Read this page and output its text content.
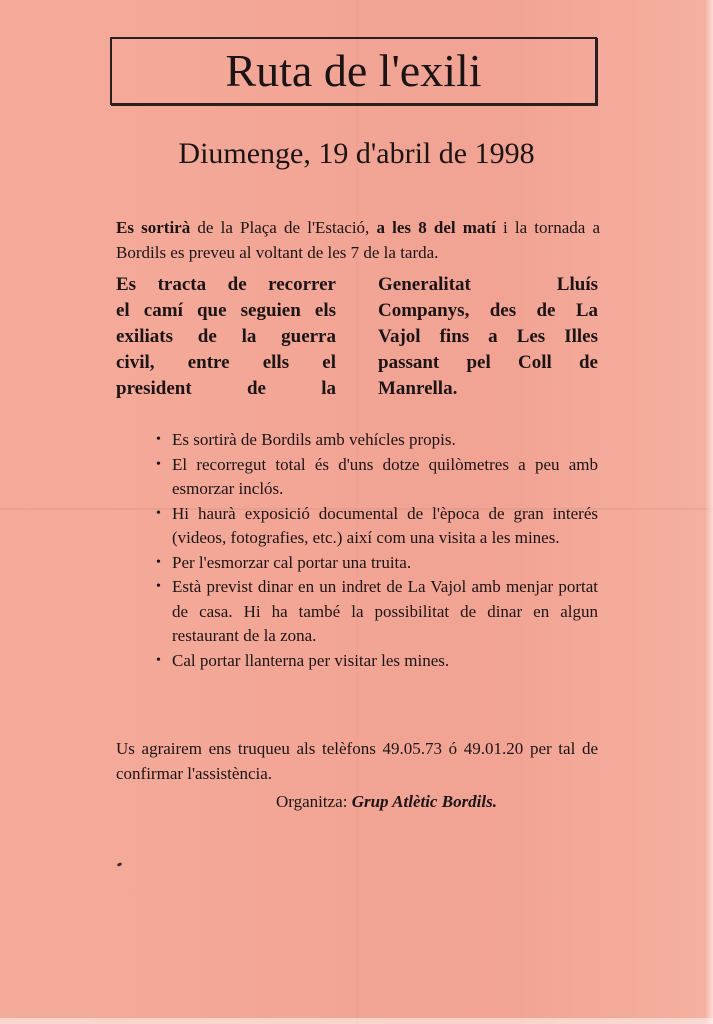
Ruta de l'exili
Diumenge, 19 d'abril de 1998

Es sortirà de la Plaça de l'Estació, a les 8 del matí i la tornada a Bordils es preveu al voltant de les 7 de la tarda.

Es tracta de recorrer
el camí que seguien els
exiliats de la guerra
civil, entre ells el
president de la
Generalitat Lluís
Companys, des de La
Vajol fins a Les Illes
passant pel Coll de
Manrella.
• Es sortirà de Bordils amb vehícles propis.
• El recorregut total és d'uns dotze quilòmetres a peu amb esmorzar inclós.
• Hi haurà exposició documental de l'època de gran interés (videos, fotografies, etc.) així com una visita a les mines.
• Per l'esmorzar cal portar una truita.
• Està previst dinar en un indret de La Vajol amb menjar portat de casa. Hi ha també la possibilitat de dinar en algun restaurant de la zona.
• Cal portar llanterna per visitar les mines.

Us agrairem ens truqueu als telèfons 49.05.73 ó 49.01.20 per tal de confirmar l'assistència.

Organitza: Grup Atlètic Bordils.
